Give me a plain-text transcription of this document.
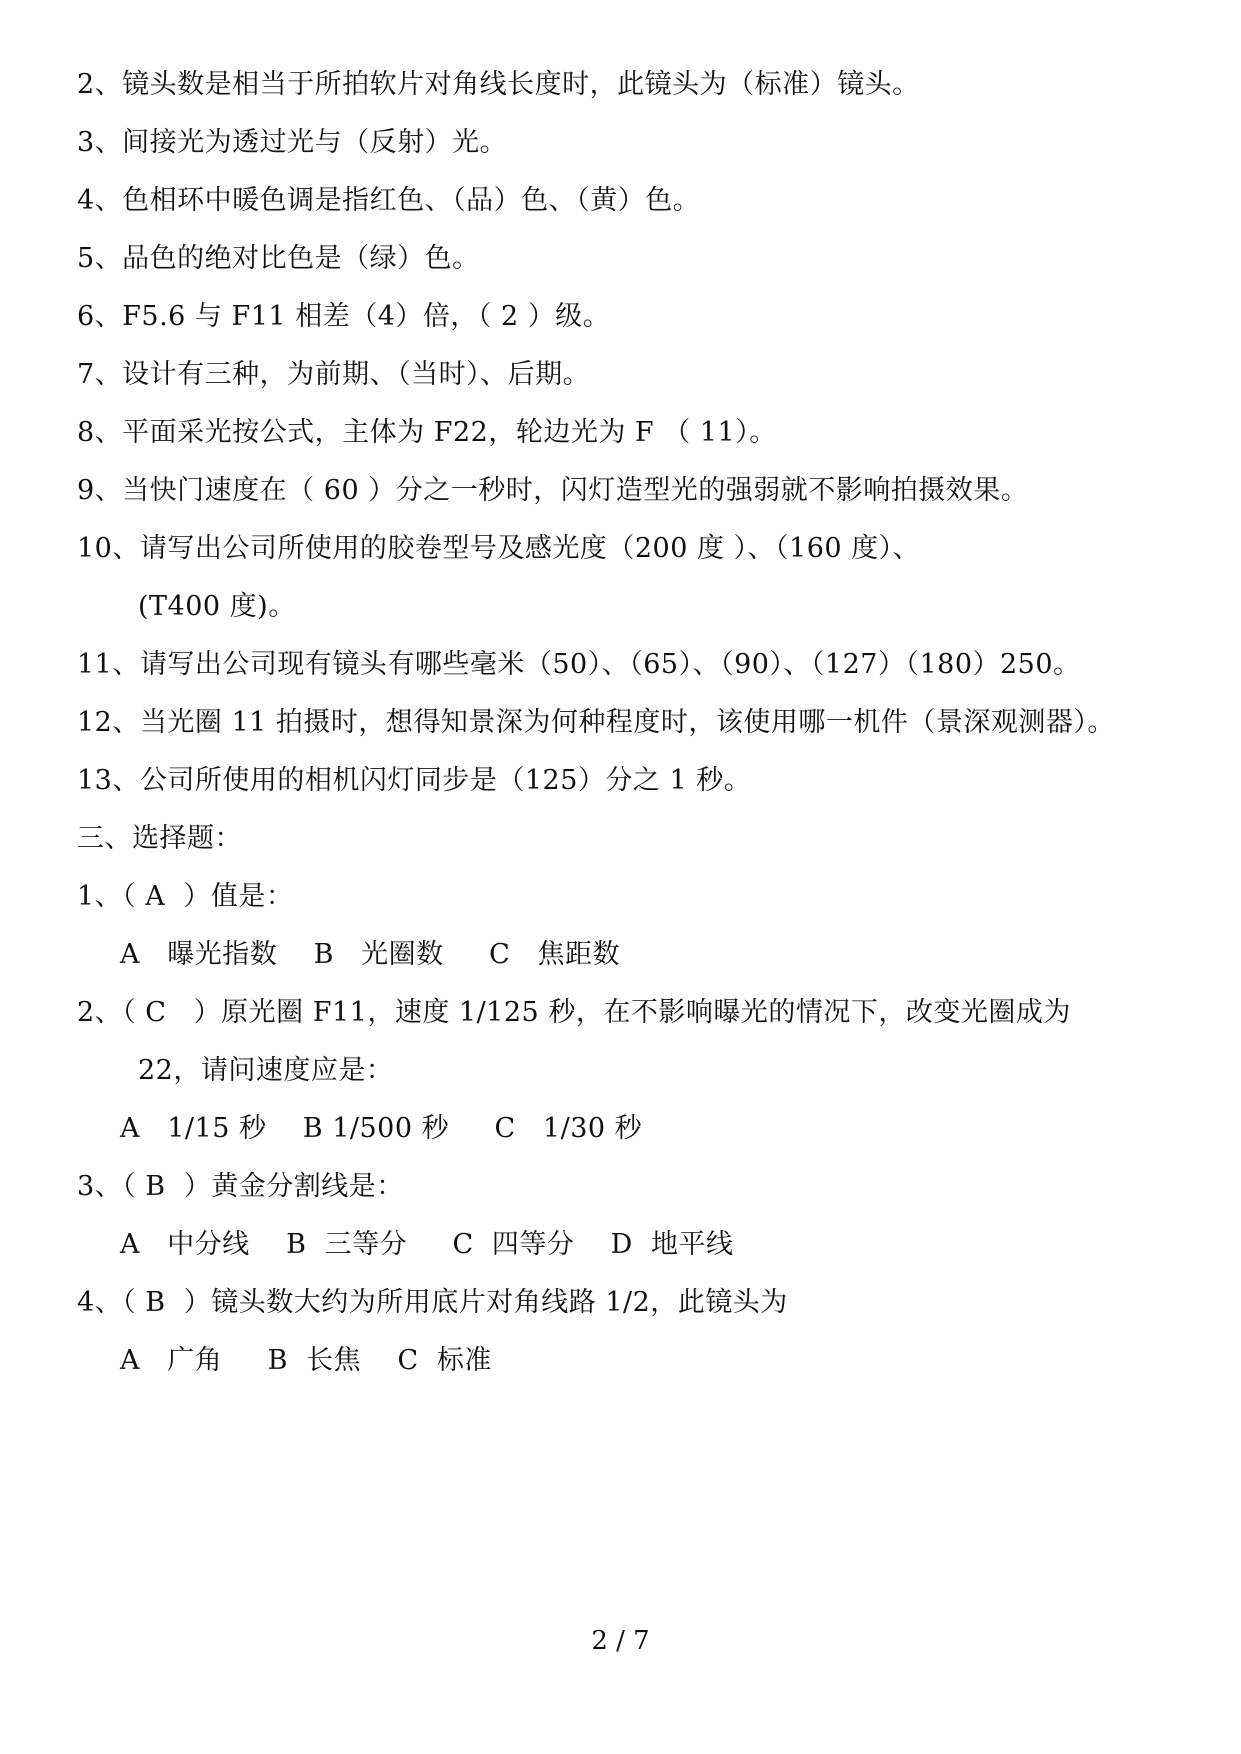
2、镜头数是相当于所拍软片对角线长度时，此镜头为（标准）镜头。
3、间接光为透过光与（反射）光。
4、色相环中暖色调是指红色、（品）色、（黄）色。
5、品色的绝对比色是（绿）色。
6、F5.6 与 F11 相差（4）倍，（ 2 ）级。
7、设计有三种，为前期、（当时）、后期。
8、平面采光按公式，主体为 F22，轮边光为 F （ 11）。
9、当快门速度在（ 60 ）分之一秒时，闪灯造型光的强弱就不影响拍摄效果。
10、请写出公司所使用的胶卷型号及感光度（200 度 ）、（160 度）、
(T400 度)。
11、请写出公司现有镜头有哪些毫米（50）、（65）、（90）、（127）（180）250。
12、当光圈 11 拍摄时，想得知景深为何种程度时，该使用哪一机件（景深观测器）。
13、公司所使用的相机闪灯同步是（125）分之 1 秒。
三、选择题：
1、（ A  ）值是：
A   曝光指数    B   光圈数     C   焦距数
2、（ C   ）原光圈 F11，速度 1/125 秒，在不影响曝光的情况下，改变光圈成为
22，请问速度应是：
A   1/15 秒    B 1/500 秒     C   1/30 秒
3、（ B  ）黄金分割线是：
A   中分线    B  三等分     C  四等分    D  地平线
4、（ B  ）镜头数大约为所用底片对角线路 1/2，此镜头为
A   广角     B  长焦    C  标准
2 / 7
